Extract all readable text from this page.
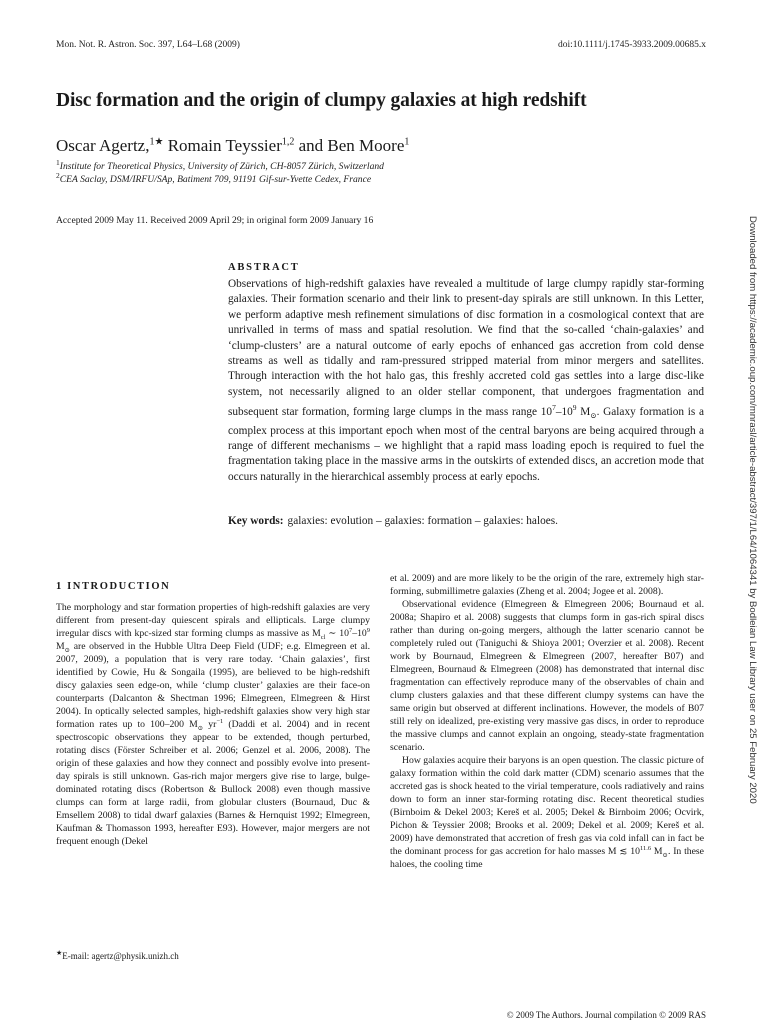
Mon. Not. R. Astron. Soc. 397, L64–L68 (2009)	doi:10.1111/j.1745-3933.2009.00685.x
Disc formation and the origin of clumpy galaxies at high redshift
Oscar Agertz,$^{1★}$ Romain Teyssier$^{1,2}$ and Ben Moore$^1$
$^1$Institute for Theoretical Physics, University of Zürich, CH-8057 Zürich, Switzerland
$^2$CEA Saclay, DSM/IRFU/SAp, Batiment 709, 91191 Gif-sur-Yvette Cedex, France
Accepted 2009 May 11. Received 2009 April 29; in original form 2009 January 16
ABSTRACT
Observations of high-redshift galaxies have revealed a multitude of large clumpy rapidly star-forming galaxies. Their formation scenario and their link to present-day spirals are still unknown. In this Letter, we perform adaptive mesh refinement simulations of disc formation in a cosmological context that are unrivalled in terms of mass and spatial resolution. We find that the so-called ‘chain-galaxies’ and ‘clump-clusters’ are a natural outcome of early epochs of enhanced gas accretion from cold dense streams as well as tidally and ram-pressured stripped material from minor mergers and satellites. Through interaction with the hot halo gas, this freshly accreted cold gas settles into a large disc-like system, not necessarily aligned to an older stellar component, that undergoes fragmentation and subsequent star formation, forming large clumps in the mass range $10^7-10^9$ $M_⊙$. Galaxy formation is a complex process at this important epoch when most of the central baryons are being acquired through a range of different mechanisms – we highlight that a rapid mass loading epoch is required to fuel the fragmentation taking place in the massive arms in the outskirts of extended discs, an accretion mode that occurs naturally in the hierarchical assembly process at early epochs.
Key words: galaxies: evolution – galaxies: formation – galaxies: haloes.
1 INTRODUCTION

The morphology and star formation properties of high-redshift galaxies are very different from present-day quiescent spirals and ellipticals. Large clumpy irregular discs with kpc-sized star forming clumps as massive as $M_{cl}$ ∼ $10^7-10^9$ $M_⊙$ are observed in the Hubble Ultra Deep Field (UDF; e.g. Elmegreen et al. 2007, 2009), a population that is very rare today. ‘Chain galaxies’, first identified by Cowie, Hu & Songaila (1995), are believed to be high-redshift discy galaxies seen edge-on, while ‘clump cluster’ galaxies are their face-on counterparts (Dalcanton & Shectman 1996; Elmegreen, Elmegreen & Hirst 2004). In optically selected samples, high-redshift galaxies show very high star formation rates up to 100–200 $M_⊙$ $yr^{-1}$ (Daddi et al. 2004) and in recent spectroscopic observations they appear to be extended, though perturbed, rotating discs (Förster Schreiber et al. 2006; Genzel et al. 2006, 2008). The origin of these galaxies and how they connect and possibly evolve into present-day spirals is still unknown. Gas-rich major mergers give rise to large, bulge-dominated rotating discs (Robertson & Bullock 2008) even though massive clumps can form at large radii, from globular clusters (Bournaud, Duc & Emsellem 2008) to tidal dwarf galaxies (Barnes & Hernquist 1992; Elmegreen, Kaufman & Thomasson 1993, hereafter E93). However, major mergers are not frequent enough (Dekel

et al. 2009) and are more likely to be the origin of the rare, extremely high star-forming, submillimetre galaxies (Zheng et al. 2004; Jogee et al. 2008).

Observational evidence (Elmegreen & Elmegreen 2006; Bournaud et al. 2008a; Shapiro et al. 2008) suggests that clumps form in gas-rich spiral discs rather than during on-going mergers, although the latter scenario cannot be completely ruled out (Taniguchi & Shioya 2001; Overzier et al. 2008). Recent work by Bournaud, Elmegreen & Elmegreen (2007, hereafter B07) and Elmegreen, Bournaud & Elmegreen (2008) has demonstrated that internal disc fragmentation can effectively reproduce many of the observables of chain and clump clusters galaxies and that these different clumpy systems can have the same origin but observed at different inclinations. However, the models of B07 still rely on idealized, pre-existing very massive gas discs, in order to reproduce the massive clumps and cannot explain an ongoing, steady-state fragmentation scenario.

How galaxies acquire their baryons is an open question. The classic picture of galaxy formation within the cold dark matter (CDM) scenario assumes that the accreted gas is shock heated to the virial temperature, cools radiatively and rains down to form an inner star-forming rotating disc. Recent theoretical studies (Birnboim & Dekel 2003; Kereš et al. 2005; Dekel & Birnboim 2006; Ocvirk, Pichon & Teyssier 2008; Brooks et al. 2009; Dekel et al. 2009; Kereš et al. 2009) have demonstrated that accretion of fresh gas via cold infall can in fact be the dominant process for gas accretion for halo masses M ≲ $10^{11.6}$ $M_⊙$. In these haloes, the cooling time

★E-mail: agertz@physik.unizh.ch
© 2009 The Authors. Journal compilation © 2009 RAS
Downloaded from https://academic.oup.com/mnrasl/article-abstract/397/1/L64/1064341 by Bodleian Law Library user on 25 February 2020
